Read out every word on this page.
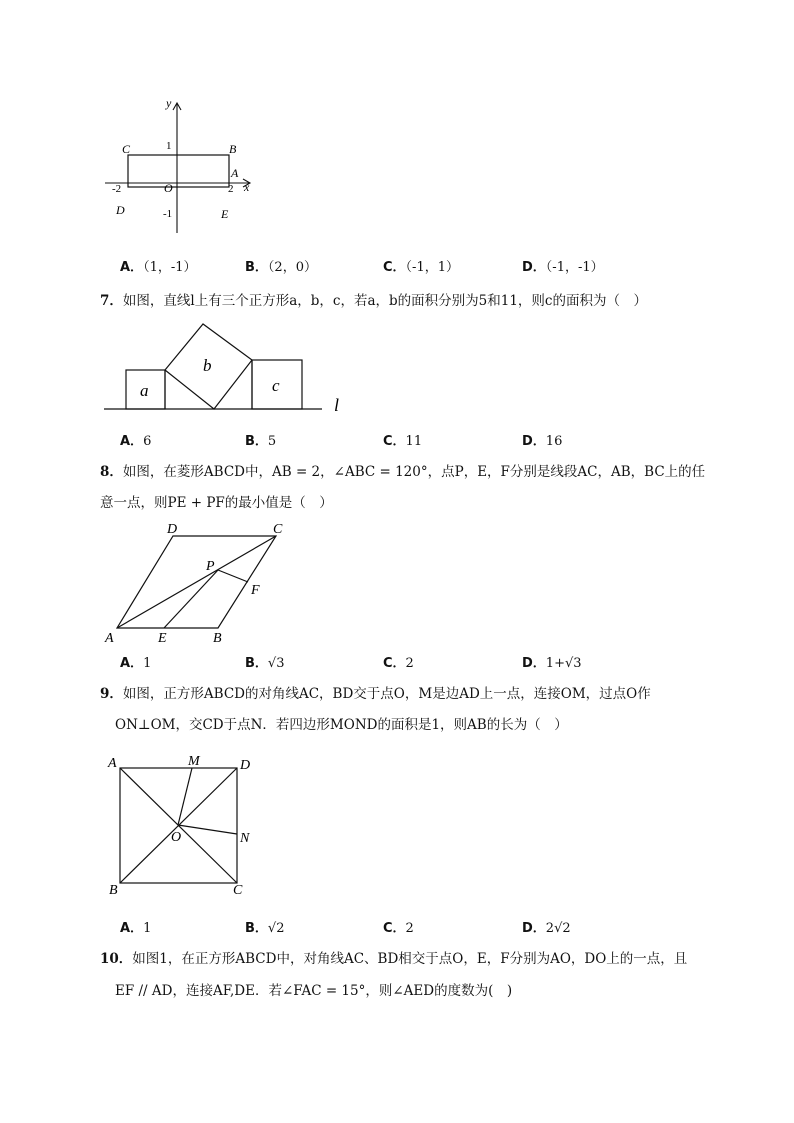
y
x
C	B
A
D	E
O
1
-1
2
-2
A．（1，-1）	B．（2，0）	C．（-1，1）	D．（-1，-1）
7．如图，直线l上有三个正方形a，b，c，若a，b的面积分别为5和11，则c的面积为（　）
a
b
c
l
A．6	B．5	C．11	D．16
8．如图，在菱形ABCD中，AB = 2，∠ABC = 120°，点P，E，F分别是线段AC，AB，BC上的任
意一点，则PE + PF的最小值是（　）
A	B
C
D
E
F
P
A．1	B．√3	C．2	D．1+√3
9．如图，正方形ABCD的对角线AC，BD交于点O，M是边AD上一点，连接OM，过点O作
ON⊥OM，交CD于点N．若四边形MOND的面积是1，则AB的长为（　）
A	D
B	C
M
N
O
A．1	B．√2	C．2	D．2√2
10．如图1，在正方形ABCD中，对角线AC、BD相交于点O，E，F分别为AO，DO上的一点，且
EF // AD，连接AF,DE．若∠FAC = 15°，则∠AED的度数为(　)
